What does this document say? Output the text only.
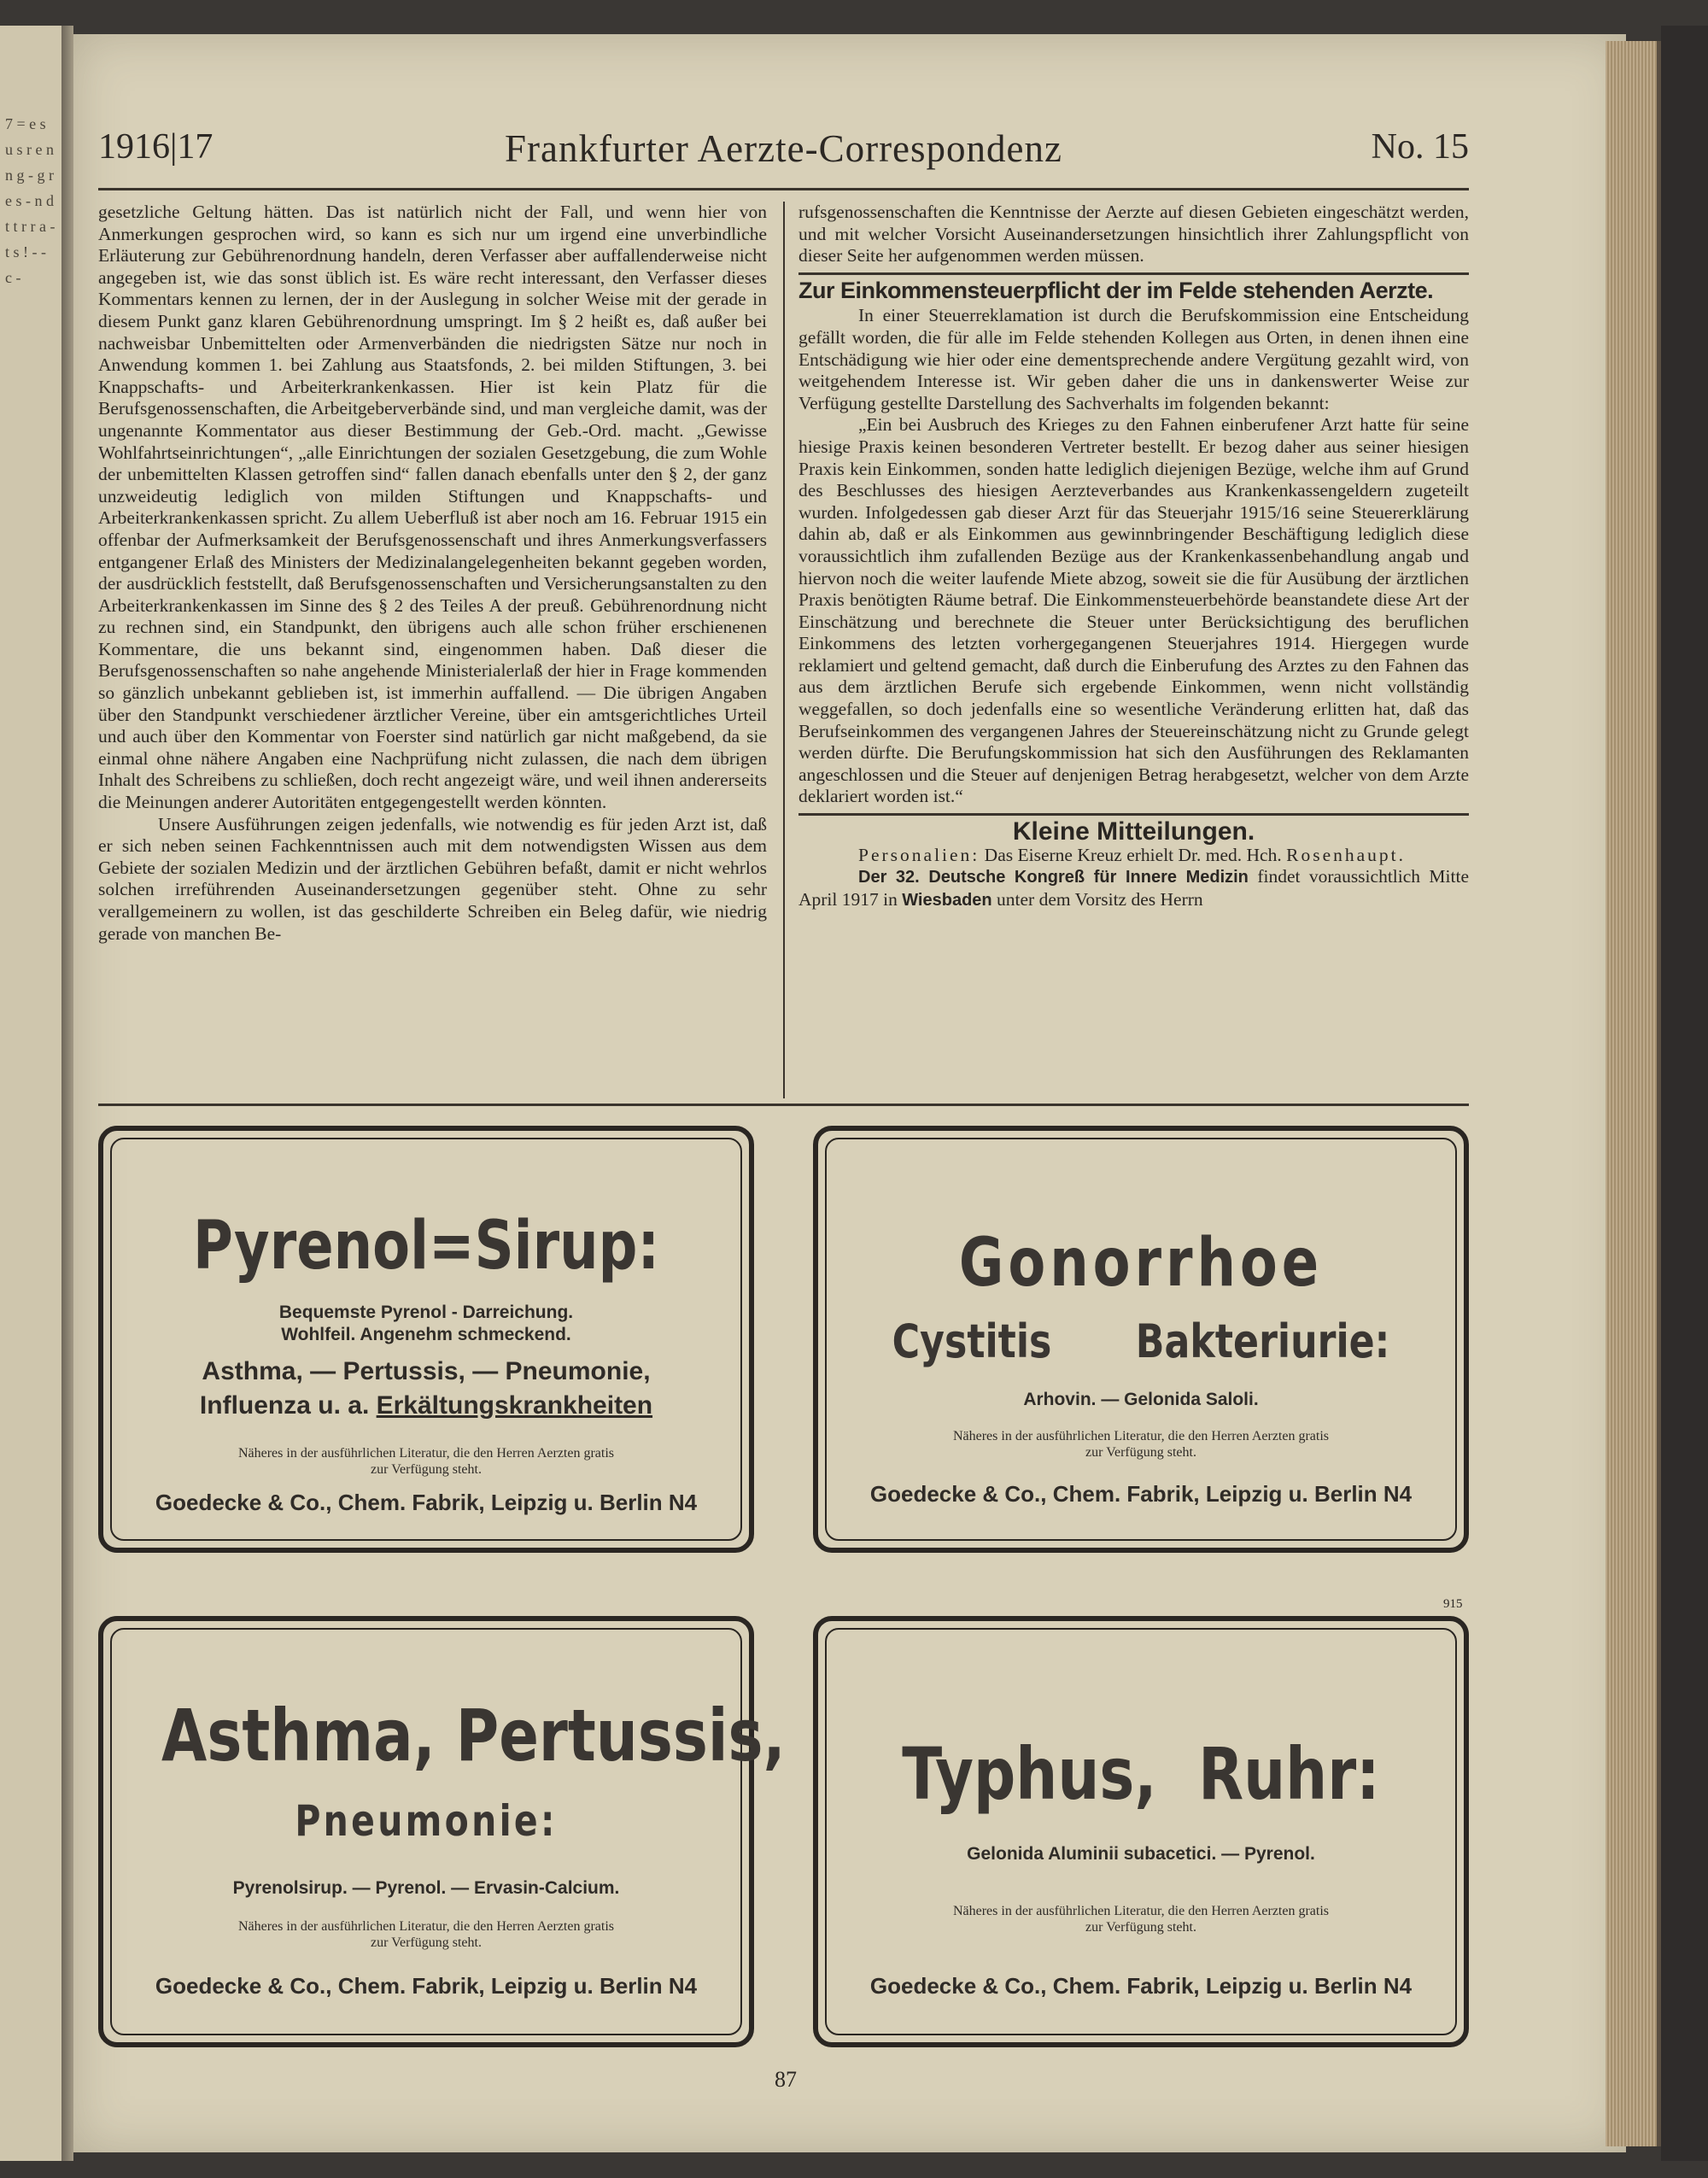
7 = e s u s r e n n g - g r e s - n d t t r r a - t s ! - - c -
1916|17	Frankfurter Aerzte-Correspondenz	No. 15

gesetzliche Geltung hätten. Das ist natürlich nicht der Fall, und wenn hier von Anmerkungen gesprochen wird, so kann es sich nur um irgend eine unverbindliche Erläuterung zur Gebührenordnung handeln, deren Verfasser aber auffallenderweise nicht angegeben ist, wie das sonst üblich ist. Es wäre recht interessant, den Verfasser dieses Kommentars kennen zu lernen, der in der Auslegung in solcher Weise mit der gerade in diesem Punkt ganz klaren Gebührenordnung umspringt. Im § 2 heißt es, daß außer bei nachweisbar Unbemittelten oder Armenverbänden die niedrigsten Sätze nur noch in Anwendung kommen 1. bei Zahlung aus Staatsfonds, 2. bei milden Stiftungen, 3. bei Knappschafts- und Arbeiterkrankenkassen. Hier ist kein Platz für die Berufsgenossenschaften, die Arbeitgeberverbände sind, und man vergleiche damit, was der ungenannte Kommentator aus dieser Bestimmung der Geb.-Ord. macht. „Gewisse Wohlfahrtseinrichtungen“, „alle Einrichtungen der sozialen Gesetzgebung, die zum Wohle der unbemittelten Klassen getroffen sind“ fallen danach ebenfalls unter den § 2, der ganz unzweideutig lediglich von milden Stiftungen und Knappschafts- und Arbeiterkrankenkassen spricht. Zu allem Ueberfluß ist aber noch am 16. Februar 1915 ein offenbar der Aufmerksamkeit der Berufsgenossenschaft und ihres Anmerkungsverfassers entgangener Erlaß des Ministers der Medizinalangelegenheiten bekannt gegeben worden, der ausdrücklich feststellt, daß Berufsgenossenschaften und Versicherungsanstalten zu den Arbeiterkrankenkassen im Sinne des § 2 des Teiles A der preuß. Gebührenordnung nicht zu rechnen sind, ein Standpunkt, den übrigens auch alle schon früher erschienenen Kommentare, die uns bekannt sind, eingenommen haben. Daß dieser die Berufsgenossenschaften so nahe angehende Ministerialerlaß der hier in Frage kommenden so gänzlich unbekannt geblieben ist, ist immerhin auffallend. — Die übrigen Angaben über den Standpunkt verschiedener ärztlicher Vereine, über ein amtsgerichtliches Urteil und auch über den Kommentar von Foerster sind natürlich gar nicht maßgebend, da sie einmal ohne nähere Angaben eine Nachprüfung nicht zulassen, die nach dem übrigen Inhalt des Schreibens zu schließen, doch recht angezeigt wäre, und weil ihnen andererseits die Meinungen anderer Autoritäten entgegengestellt werden könnten.

Unsere Ausführungen zeigen jedenfalls, wie notwendig es für jeden Arzt ist, daß er sich neben seinen Fachkenntnissen auch mit dem notwendigsten Wissen aus dem Gebiete der sozialen Medizin und der ärztlichen Gebühren befaßt, damit er nicht wehrlos solchen irreführenden Auseinandersetzungen gegenüber steht. Ohne zu sehr verallgemeinern zu wollen, ist das geschilderte Schreiben ein Beleg dafür, wie niedrig gerade von manchen Be-

rufsgenossenschaften die Kenntnisse der Aerzte auf diesen Gebieten eingeschätzt werden, und mit welcher Vorsicht Auseinandersetzungen hinsichtlich ihrer Zahlungspflicht von dieser Seite her aufgenommen werden müssen.

Zur Einkommensteuerpflicht der im Felde stehenden Aerzte.

In einer Steuerreklamation ist durch die Berufskommission eine Entscheidung gefällt worden, die für alle im Felde stehenden Kollegen aus Orten, in denen ihnen eine Entschädigung wie hier oder eine dementsprechende andere Vergütung gezahlt wird, von weitgehendem Interesse ist. Wir geben daher die uns in dankenswerter Weise zur Verfügung gestellte Darstellung des Sachverhalts im folgenden bekannt:

„Ein bei Ausbruch des Krieges zu den Fahnen einberufener Arzt hatte für seine hiesige Praxis keinen besonderen Vertreter bestellt. Er bezog daher aus seiner hiesigen Praxis kein Einkommen, sonden hatte lediglich diejenigen Bezüge, welche ihm auf Grund des Beschlusses des hiesigen Aerzteverbandes aus Krankenkassengeldern zugeteilt wurden. Infolgedessen gab dieser Arzt für das Steuerjahr 1915/16 seine Steuererklärung dahin ab, daß er als Einkommen aus gewinnbringender Beschäftigung lediglich diese voraussichtlich ihm zufallenden Bezüge aus der Krankenkassenbehandlung angab und hiervon noch die weiter laufende Miete abzog, soweit sie die für Ausübung der ärztlichen Praxis benötigten Räume betraf. Die Einkommensteuerbehörde beanstandete diese Art der Einschätzung und berechnete die Steuer unter Berücksichtigung des beruflichen Einkommens des letzten vorhergegangenen Steuerjahres 1914. Hiergegen wurde reklamiert und geltend gemacht, daß durch die Einberufung des Arztes zu den Fahnen das aus dem ärztlichen Berufe sich ergebende Einkommen, wenn nicht vollständig weggefallen, so doch jedenfalls eine so wesentliche Veränderung erlitten hat, daß das Berufseinkommen des vergangenen Jahres der Steuereinschätzung nicht zu Grunde gelegt werden dürfte. Die Berufungskommission hat sich den Ausführungen des Reklamanten angeschlossen und die Steuer auf denjenigen Betrag herabgesetzt, welcher von dem Arzte deklariert worden ist.“

Kleine Mitteilungen.

Personalien: Das Eiserne Kreuz erhielt Dr. med. Hch. Rosenhaupt.

Der 32. Deutsche Kongreß für Innere Medizin findet voraussichtlich Mitte April 1917 in Wiesbaden unter dem Vorsitz des Herrn

Pyrenol=Sirup:
Bequemste Pyrenol - Darreichung.
Wohlfeil. Angenehm schmeckend.
Asthma, — Pertussis, — Pneumonie,
Influenza u. a. Erkältungskrankheiten
Näheres in der ausführlichen Literatur, die den Herren Aerzten gratis
zur Verfügung steht.
Goedecke & Co., Chem. Fabrik, Leipzig u. Berlin N4
Gonorrhoe
Cystitis Bakteriurie:
Arhovin. — Gelonida Saloli.
Näheres in der ausführlichen Literatur, die den Herren Aerzten gratis
zur Verfügung steht.
Goedecke & Co., Chem. Fabrik, Leipzig u. Berlin N4
915
Asthma, Pertussis,
Pneumonie:
Pyrenolsirup. — Pyrenol. — Ervasin-Calcium.
Näheres in der ausführlichen Literatur, die den Herren Aerzten gratis
zur Verfügung steht.
Goedecke & Co., Chem. Fabrik, Leipzig u. Berlin N4
Typhus, Ruhr:
Gelonida Aluminii subacetici. — Pyrenol.
Näheres in der ausführlichen Literatur, die den Herren Aerzten gratis
zur Verfügung steht.
Goedecke & Co., Chem. Fabrik, Leipzig u. Berlin N4
87
